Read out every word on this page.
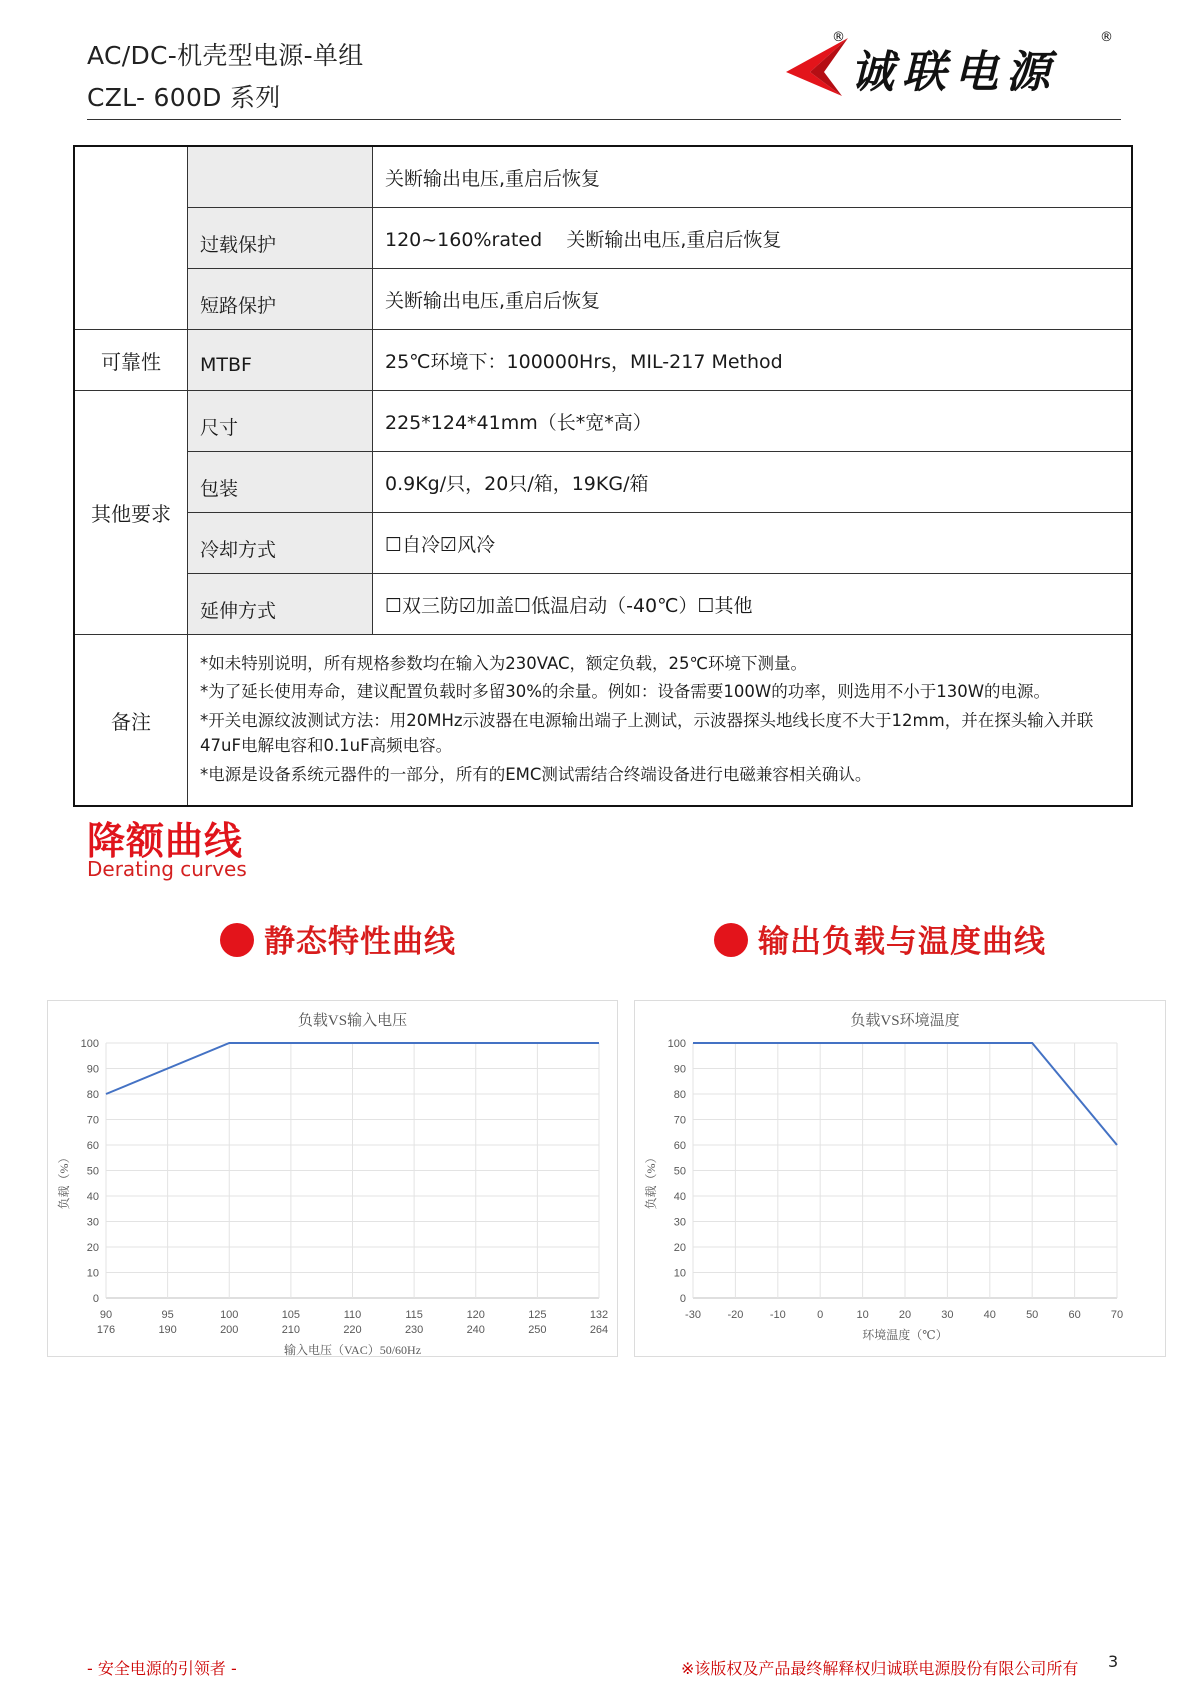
AC/DC-机壳型电源-单组
CZL- 600D 系列	诚联电源
®	®
		关断输出电压,重启后恢复
	过载保护	120~160%rated    关断输出电压,重启后恢复
	短路保护	关断输出电压,重启后恢复
可靠性	MTBF	25℃环境下：100000Hrs，MIL-217 Method
其他要求	尺寸	225*124*41mm（长*宽*高）
	包装	0.9Kg/只，20只/箱，19KG/箱
	冷却方式	☐自冷☑风冷
	延伸方式	☐双三防☑加盖☐低温启动（-40℃）☐其他
备注	*如未特别说明，所有规格参数均在输入为230VAC，额定负载，25℃环境下测量。
*为了延长使用寿命，建议配置负载时多留30%的余量。例如：设备需要100W的功率，则选用不小于130W的电源。
*开关电源纹波测试方法：用20MHz示波器在电源输出端子上测试，示波器探头地线长度不大于12mm，并在探头输入并联47uF电解电容和0.1uF高频电容。
*电源是设备系统元器件的一部分，所有的EMC测试需结合终端设备进行电磁兼容相关确认。	
降额曲线
Derating curves
静态特性曲线	输出负载与温度曲线
负载VS输入电压
0
10
20
30
40
50
60
70
80
90
100
90
176
95
190
100
200
105
210
110
220
115
230
120
240
125
250
132
264
输入电压（VAC）50/60Hz
负载（%）
负载VS环境温度
0
10
20
30
40
50
60
70
80
90
100
-30 -20 -10	0	10	20	30	40	50	60	70
环境温度（℃）
负载（%）
- 安全电源的引领者 -	※该版权及产品最终解释权归诚联电源股份有限公司所有 3
